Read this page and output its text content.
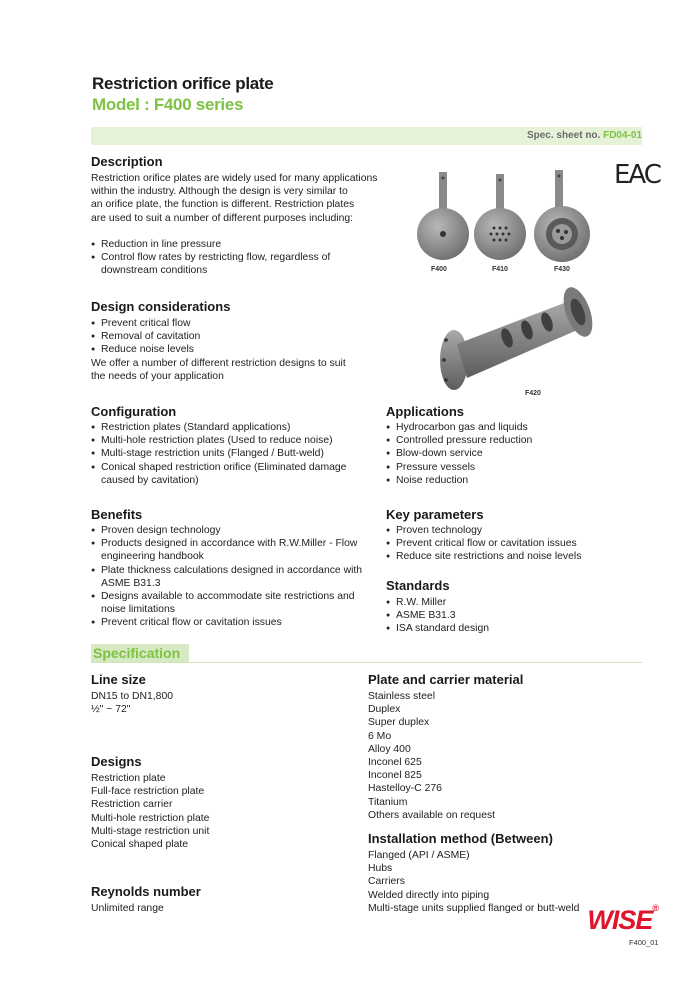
Restriction orifice plate
Model : F400 series
Spec. sheet no. FD04-01
EAC
Description
Restriction orifice plates are widely used for many applications
within the industry. Although the design is very similar to
an orifice plate, the function is different. Restriction plates
are used to suit a number of different purposes including:
● Reduction in line pressure
● Control flow rates by restricting flow, regardless of downstream conditions	F400	F410	F430
F420
Design considerations
● Prevent critical flow
● Removal of cavitation
● Reduce noise levels
We offer a number of different restriction designs to suit
the needs of your application
Configuration
● Restriction plates (Standard applications)
● Multi-hole restriction plates (Used to reduce noise)
● Multi-stage restriction units (Flanged / Butt-weld)
● Conical shaped restriction orifice (Eliminated damage caused by cavitation)
Applications
● Hydrocarbon gas and liquids
● Controlled pressure reduction
● Blow-down service
● Pressure vessels
● Noise reduction
Benefits
● Proven design technology
● Products designed in accordance with R.W.Miller - Flow engineering handbook
● Plate thickness calculations designed in accordance with ASME B31.3
● Designs available to accommodate site restrictions and noise limitations
● Prevent critical flow or cavitation issues
Key parameters
● Proven technology
● Prevent critical flow or cavitation issues
● Reduce site restrictions and noise levels
Standards
● R.W. Miller
● ASME B31.3
● ISA standard design
Specification
Line size
DN15 to DN1,800
½" ~ 72"
Designs
Restriction plate
Full-face restriction plate
Restriction carrier
Multi-hole restriction plate
Multi-stage restriction unit
Conical shaped plate
Reynolds number
Unlimited range
Plate and carrier material
Stainless steel
Duplex
Super duplex
6 Mo
Alloy 400
Inconel 625
Inconel 825
Hastelloy-C 276
Titanium
Others available on request
Installation method (Between)
Flanged (API / ASME)
Hubs
Carriers
Welded directly into piping
Multi-stage units supplied flanged or butt-weld WISE®
F400_01
